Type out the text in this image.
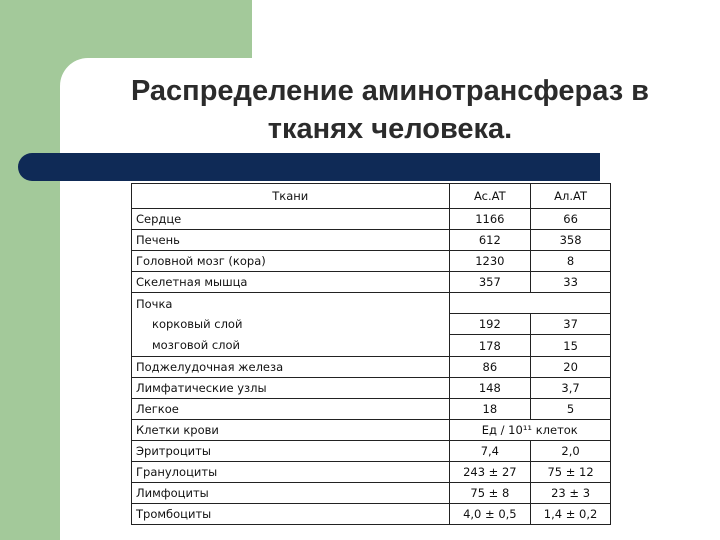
Распределение аминотрансфераз в
тканях человека.
Ткани	Ac.AT	Ал.AT
Сердце	1166	66
Печень	612	358
Головной мозг (кора)	1230	8
Скелетная мышца	357	33
Почка		
корковый слой	192	37
мозговой слой	178	15
Поджелудочная железа	86	20
Лимфатические узлы	148	3,7
Легкое	18	5
Клетки крови	Ед / 10¹¹ клеток	
Эритроциты	7,4	2,0
Гранулоциты	243 ± 27	75 ± 12
Лимфоциты	75 ± 8	23 ± 3
Тромбоциты	4,0 ± 0,5	1,4 ± 0,2
